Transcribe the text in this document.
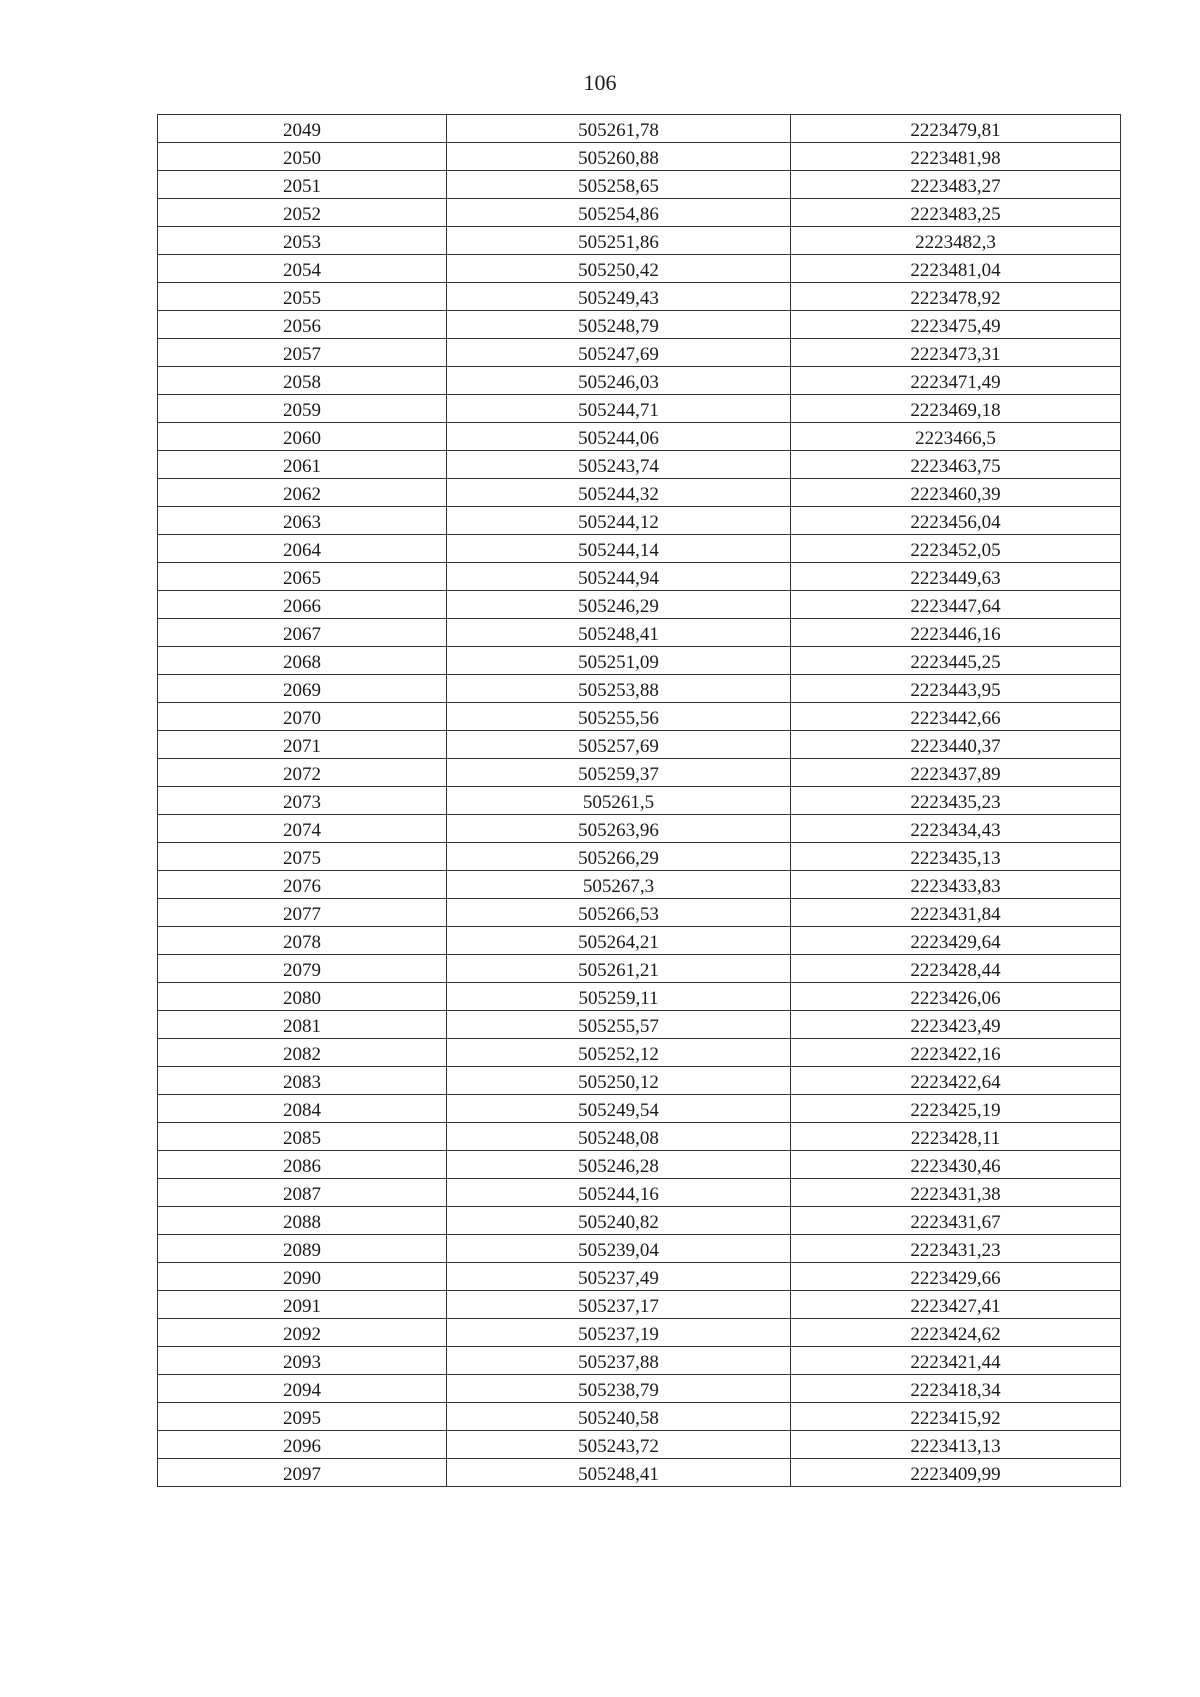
106
2049	505261,78	2223479,81
2050	505260,88	2223481,98
2051	505258,65	2223483,27
2052	505254,86	2223483,25
2053	505251,86	2223482,3
2054	505250,42	2223481,04
2055	505249,43	2223478,92
2056	505248,79	2223475,49
2057	505247,69	2223473,31
2058	505246,03	2223471,49
2059	505244,71	2223469,18
2060	505244,06	2223466,5
2061	505243,74	2223463,75
2062	505244,32	2223460,39
2063	505244,12	2223456,04
2064	505244,14	2223452,05
2065	505244,94	2223449,63
2066	505246,29	2223447,64
2067	505248,41	2223446,16
2068	505251,09	2223445,25
2069	505253,88	2223443,95
2070	505255,56	2223442,66
2071	505257,69	2223440,37
2072	505259,37	2223437,89
2073	505261,5	2223435,23
2074	505263,96	2223434,43
2075	505266,29	2223435,13
2076	505267,3	2223433,83
2077	505266,53	2223431,84
2078	505264,21	2223429,64
2079	505261,21	2223428,44
2080	505259,11	2223426,06
2081	505255,57	2223423,49
2082	505252,12	2223422,16
2083	505250,12	2223422,64
2084	505249,54	2223425,19
2085	505248,08	2223428,11
2086	505246,28	2223430,46
2087	505244,16	2223431,38
2088	505240,82	2223431,67
2089	505239,04	2223431,23
2090	505237,49	2223429,66
2091	505237,17	2223427,41
2092	505237,19	2223424,62
2093	505237,88	2223421,44
2094	505238,79	2223418,34
2095	505240,58	2223415,92
2096	505243,72	2223413,13
2097	505248,41	2223409,99
